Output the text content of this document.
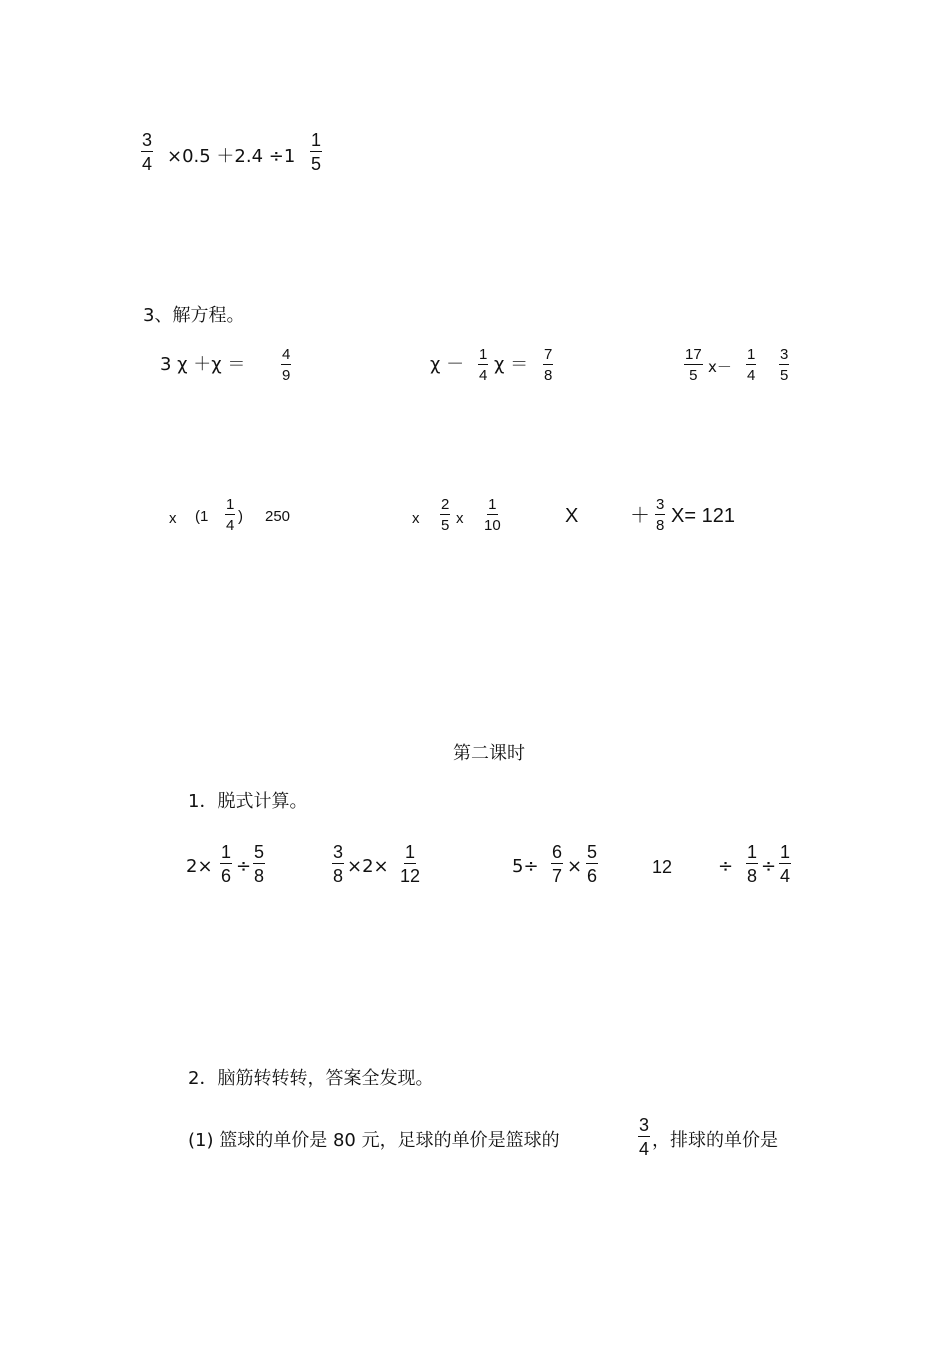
$\frac{3}{4} \times 0.5 +2.4 \div 1 \frac{1}{5}$
3、解方程。
3 $\chi +\chi = \frac{4}{9}$	$\chi - \frac{1}{4}$ $\chi = \frac{7}{8}$	$\frac{17}{5} x- \frac{1}{4} \frac{3}{5}$
x ($1 \frac{1}{4}$ ) 250	x $\frac{2}{5}$ x $\frac{1}{10}$	X	＋ $\frac{3}{8} X= 121$
第二课时
1．脱式计算。
$2\times \frac{1}{6} \div \frac{5}{8}$	$\frac{3}{8} \times 2\times \frac{1}{12}$	$5\div \frac{6}{7} \times \frac{5}{6}$	12	÷ $\frac{1}{8} \div \frac{1}{4}$
2．脑筋转转转，答案全发现。
(1) 篮球的单价是 80 元，足球的单价是篮球的	$\frac{3}{4}$ ，排球的单价是
